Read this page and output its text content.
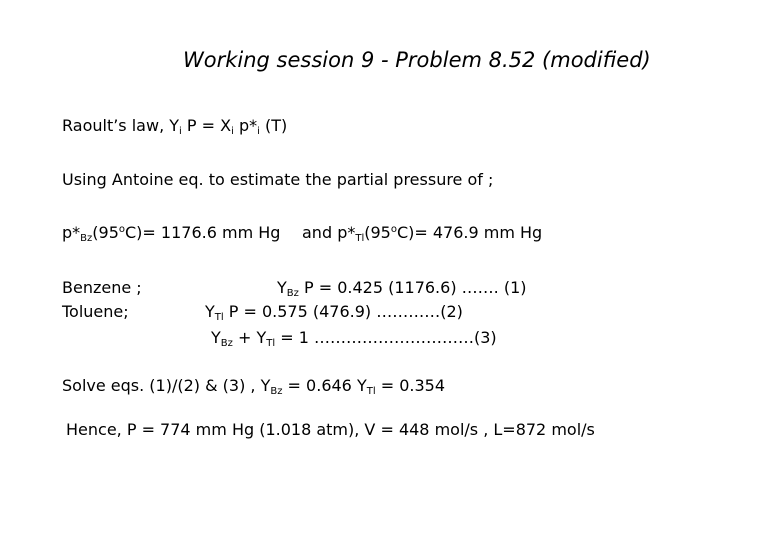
Working session 9 - Problem 8.52 (modified)
Raoult’s law, $Y_i$ $P = X_i$ $p*_i$ (T)
Using Antoine eq. to estimate the partial pressure of ;
$p*_{Bz}(95^oC)= 1176.6$ mm Hg and $p*_{Tl}(95^oC)= 476.9$ mm Hg
Benzene ;
Toluene;
$Y_{Bz}$ P = 0.425 (1176.6) ……. (1)
$Y_{Tl}$ P = 0.575 (476.9) …………(2)
$Y_{Bz} + Y_{Tl} = 1$ …………………………(3)
Solve eqs. (1)/(2) & (3) , $Y_{Bz} = 0.646$ $Y_{Tl} = 0.354$
Hence, P = 774 mm Hg (1.018 atm), V = 448 mol/s , L=872 mol/s
